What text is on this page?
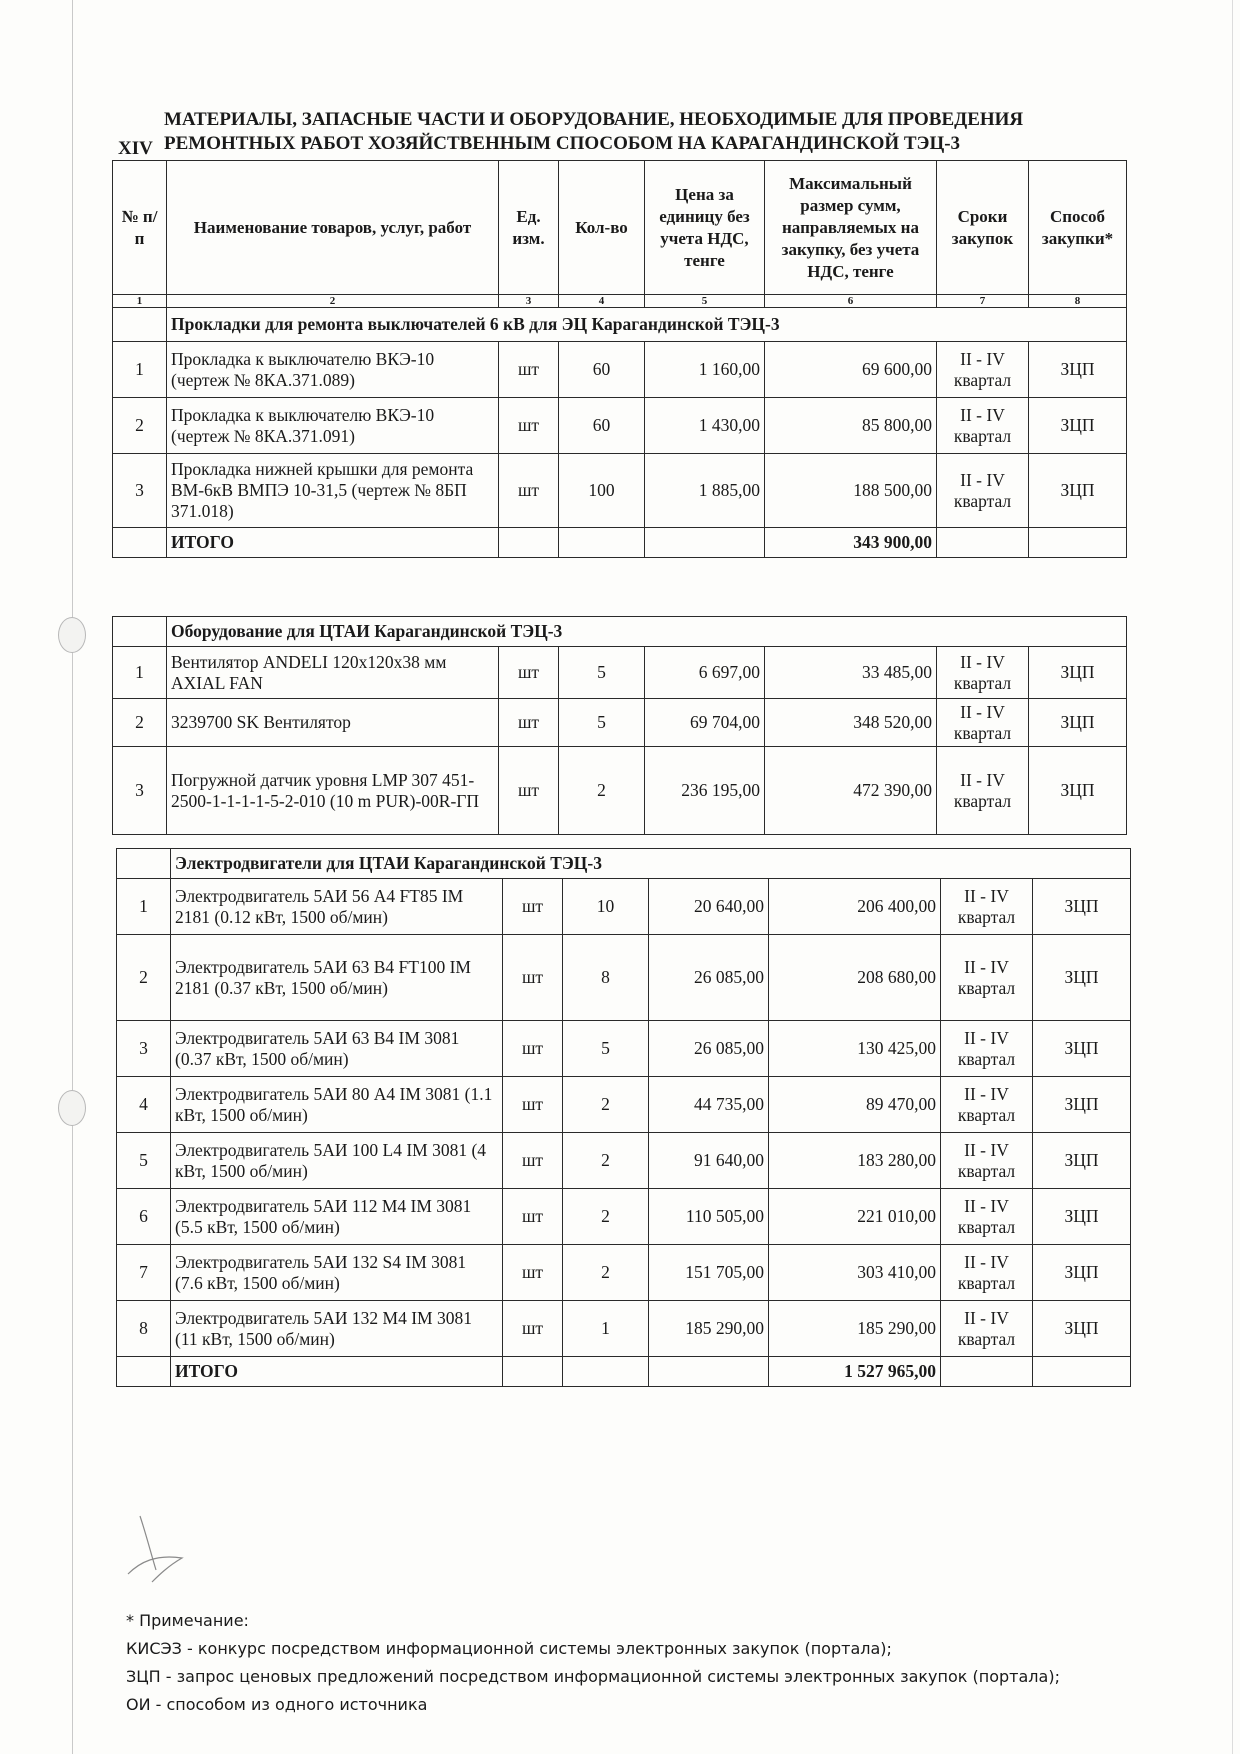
XIV
МАТЕРИАЛЫ, ЗАПАСНЫЕ ЧАСТИ И ОБОРУДОВАНИЕ, НЕОБХОДИМЫЕ ДЛЯ ПРОВЕДЕНИЯ
РЕМОНТНЫХ РАБОТ ХОЗЯЙСТВЕННЫМ СПОСОБОМ НА КАРАГАНДИНСКОЙ ТЭЦ-3
№ п/п	Наименование товаров, услуг, работ	Ед. изм.	Кол-во	Цена за единицу без учета НДС, тенге	Максимальный размер сумм, направляемых на закупку, без учета НДС, тенге	Сроки закупок	Способ закупки*
1	2	3	4	5	6	7	8
	Прокладки для ремонта выключателей 6 кВ для ЭЦ Карагандинской ТЭЦ-3						
1	Прокладка к выключателю ВКЭ-10 (чертеж № 8КА.371.089)	шт	60	1 160,00	69 600,00	II - IV квартал	ЗЦП
2	Прокладка к выключателю ВКЭ-10 (чертеж № 8КА.371.091)	шт	60	1 430,00	85 800,00	II - IV квартал	ЗЦП
3	Прокладка нижней крышки для ремонта ВМ-6кВ ВМПЭ 10-31,5 (чертеж № 8БП 371.018)	шт	100	1 885,00	188 500,00	II - IV квартал	ЗЦП
	ИТОГО				343 900,00		
	Оборудование для ЦТАИ Карагандинской ТЭЦ-3						
1	Вентилятор ANDELI 120x120x38 мм AXIAL FAN	шт	5	6 697,00	33 485,00	II - IV квартал	ЗЦП
2	3239700 SK Вентилятор	шт	5	69 704,00	348 520,00	II - IV квартал	ЗЦП
3	Погружной датчик уровня LMP 307 451-2500-1-1-1-1-5-2-010 (10 m PUR)-00R-ГП	шт	2	236 195,00	472 390,00	II - IV квартал	ЗЦП
	Электродвигатели для ЦТАИ Карагандинской ТЭЦ-3						
1	Электродвигатель 5АИ 56 А4 FT85 IM 2181 (0.12 кВт, 1500 об/мин)	шт	10	20 640,00	206 400,00	II - IV квартал	ЗЦП
2	Электродвигатель 5АИ 63 В4 FT100 IM 2181 (0.37 кВт, 1500 об/мин)	шт	8	26 085,00	208 680,00	II - IV квартал	ЗЦП
3	Электродвигатель 5АИ 63 В4 IM 3081 (0.37 кВт, 1500 об/мин)	шт	5	26 085,00	130 425,00	II - IV квартал	ЗЦП
4	Электродвигатель 5АИ 80 А4 IM 3081 (1.1 кВт, 1500 об/мин)	шт	2	44 735,00	89 470,00	II - IV квартал	ЗЦП
5	Электродвигатель 5АИ 100 L4 IM 3081 (4 кВт, 1500 об/мин)	шт	2	91 640,00	183 280,00	II - IV квартал	ЗЦП
6	Электродвигатель 5АИ 112 М4 IM 3081 (5.5 кВт, 1500 об/мин)	шт	2	110 505,00	221 010,00	II - IV квартал	ЗЦП
7	Электродвигатель 5АИ 132 S4 IM 3081 (7.6 кВт, 1500 об/мин)	шт	2	151 705,00	303 410,00	II - IV квартал	ЗЦП
8	Электродвигатель 5АИ 132 М4 IM 3081 (11 кВт, 1500 об/мин)	шт	1	185 290,00	185 290,00	II - IV квартал	ЗЦП
	ИТОГО				1 527 965,00		
* Примечание:
КИСЭЗ - конкурс посредством информационной системы электронных закупок (портала);
ЗЦП - запрос ценовых предложений посредством информационной системы электронных закупок (портала);
ОИ - способом из одного источника
